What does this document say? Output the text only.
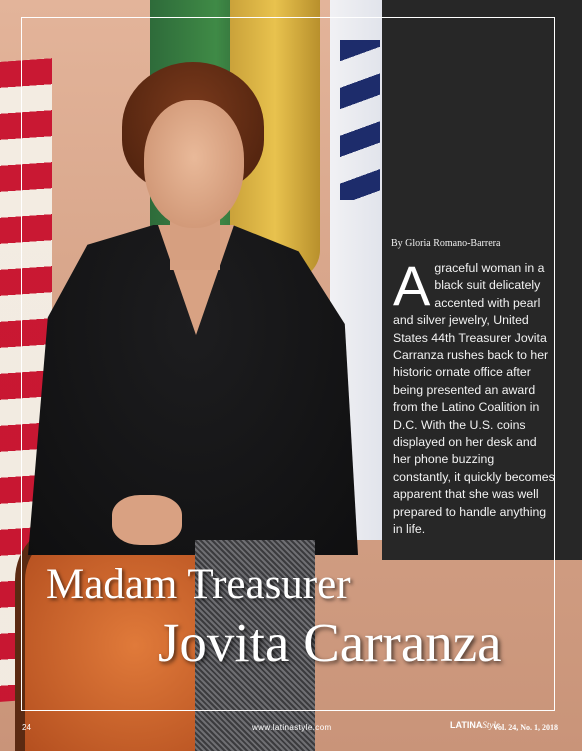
By Gloria Romano-Barrera
Agraceful woman in a black suit delicately accented with pearl and silver jewelry, United States 44th Treasurer Jovita Carranza rushes back to her historic ornate office after being presented an award from the Latino Coalition in D.C. With the U.S. coins displayed on her desk and her phone buzzing constantly, it quickly becomes apparent that she was well prepared to handle anything in life.
Madam Treasurer
Jovita Carranza
24	www.latinastyle.com	LATINAStyle
Vol. 24, No. 1, 2018
